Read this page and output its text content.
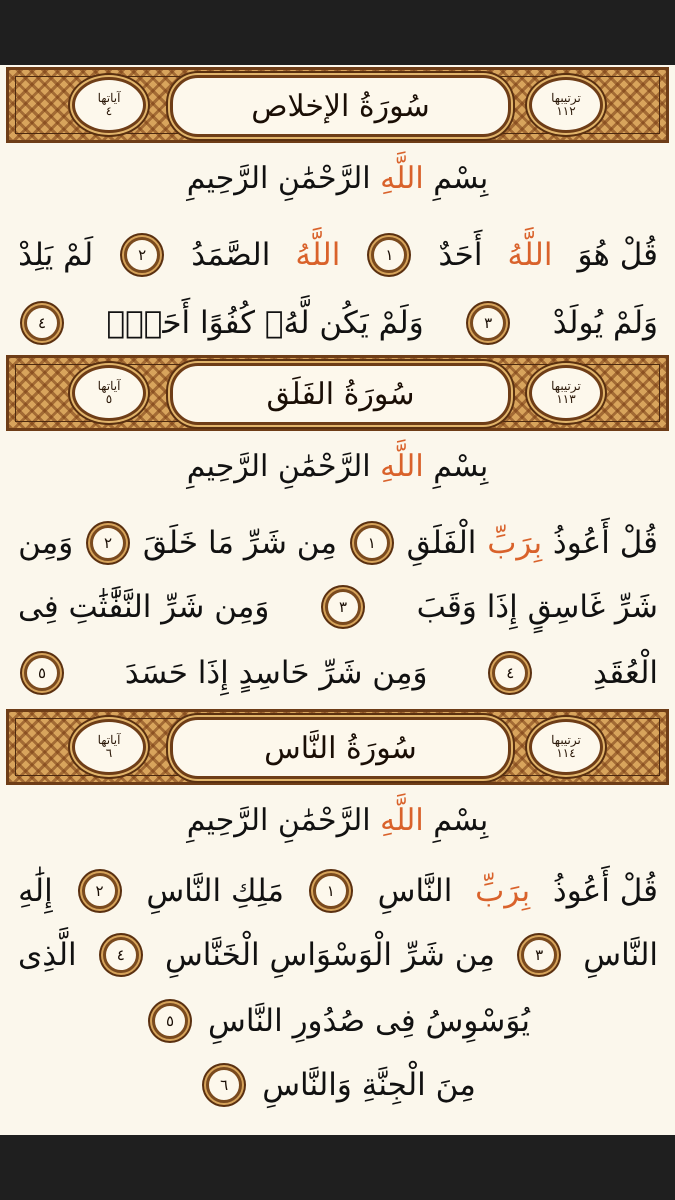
ترتيبها
١١٢
سُورَةُ الإخلاص
آياتها
٤
بِسْمِ اللَّهِ الرَّحْمَٰنِ الرَّحِيمِ
قُلْ هُوَ
اللَّهُ
أَحَدٌ
١
اللَّهُ
الصَّمَدُ
٢
لَمْ يَلِدْ
وَلَمْ يُولَدْ
٣
وَلَمْ يَكُن لَّهُۥ كُفُوًا أَحَدٌۢ
٤
ترتيبها
١١٣
سُورَةُ الفَلَق
آياتها
٥
بِسْمِ اللَّهِ الرَّحْمَٰنِ الرَّحِيمِ
قُلْ أَعُوذُ
بِرَبِّ
الْفَلَقِ
١
مِن شَرِّ مَا خَلَقَ
٢
وَمِن
شَرِّ غَاسِقٍ إِذَا وَقَبَ
٣
وَمِن شَرِّ النَّفَّٰثَٰتِ فِى
الْعُقَدِ
٤
وَمِن شَرِّ حَاسِدٍ إِذَا حَسَدَ
٥
ترتيبها
١١٤
سُورَةُ النَّاس
آياتها
٦
بِسْمِ اللَّهِ الرَّحْمَٰنِ الرَّحِيمِ
قُلْ أَعُوذُ
بِرَبِّ
النَّاسِ
١
مَلِكِ النَّاسِ
٢
إِلَٰهِ
النَّاسِ
٣
مِن شَرِّ الْوَسْوَاسِ الْخَنَّاسِ
٤
الَّذِى
يُوَسْوِسُ فِى صُدُورِ النَّاسِ
٥
مِنَ الْجِنَّةِ وَالنَّاسِ
٦
